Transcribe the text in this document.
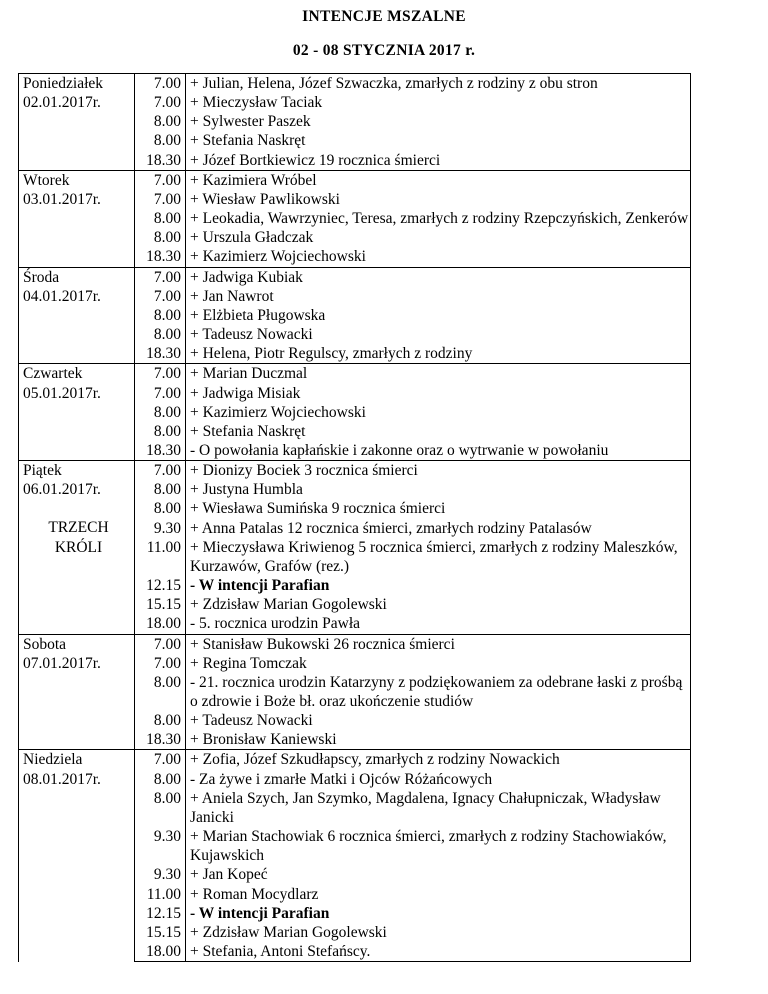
INTENCJE MSZALNE
02 - 08 STYCZNIA 2017 r.
Poniedziałek
02.01.2017r.	7.00	+ Julian, Helena, Józef Szwaczka, zmarłych z rodziny z obu stron
	7.00	+ Mieczysław Taciak
	8.00	+ Sylwester Paszek
	8.00	+ Stefania Naskręt
	18.30	+ Józef Bortkiewicz 19 rocznica śmierci

Wtorek
03.01.2017r.	7.00	+ Kazimiera Wróbel
	7.00	+ Wiesław Pawlikowski
	8.00	+ Leokadia, Wawrzyniec, Teresa, zmarłych z rodziny Rzepczyńskich, Zenkerów
	8.00	+ Urszula Gładczak
	18.30	+ Kazimierz Wojciechowski

Środa
04.01.2017r.	7.00	+ Jadwiga Kubiak
	7.00	+ Jan Nawrot
	8.00	+ Elżbieta Pługowska
	8.00	+ Tadeusz Nowacki
	18.30	+ Helena, Piotr Regulscy, zmarłych z rodziny

Czwartek
05.01.2017r.	7.00	+ Marian Duczmal
	7.00	+ Jadwiga Misiak
	8.00	+ Kazimierz Wojciechowski
	8.00	+ Stefania Naskręt
	18.30	- O powołania kapłańskie i zakonne oraz o wytrwanie w powołaniu

Piątek
06.01.2017r.
TRZECH KRÓLI	7.00	+ Dionizy Bociek 3 rocznica śmierci
	8.00	+ Justyna Humbla
	8.00	+ Wiesława Sumińska 9 rocznica śmierci
	9.30	+ Anna Patalas 12 rocznica śmierci, zmarłych rodziny Patalasów
	11.00	+ Mieczysława Kriwienog 5 rocznica śmierci, zmarłych z rodziny Maleszków, Kurzawów, Grafów (rez.)
	12.15	- W intencji Parafian
	15.15	+ Zdzisław Marian Gogolewski
	18.00	- 5. rocznica urodzin Pawła

Sobota
07.01.2017r.	7.00	+ Stanisław Bukowski 26 rocznica śmierci
	7.00	+ Regina Tomczak
	8.00	- 21. rocznica urodzin Katarzyny z podziękowaniem za odebrane łaski z prośbą o zdrowie i Boże bł. oraz ukończenie studiów
	8.00	+ Tadeusz Nowacki
	18.30	+ Bronisław Kaniewski

Niedziela
08.01.2017r.	7.00	+ Zofia, Józef Szkudłapscy, zmarłych z rodziny Nowackich
	8.00	- Za żywe i zmarłe Matki i Ojców Różańcowych
	8.00	+ Aniela Szych, Jan Szymko, Magdalena, Ignacy Chałupniczak, Władysław Janicki
	9.30	+ Marian Stachowiak 6 rocznica śmierci, zmarłych z rodziny Stachowiaków, Kujawskich
	9.30	+ Jan Kopeć
	11.00	+ Roman Mocydlarz
	12.15	- W intencji Parafian
	15.15	+ Zdzisław Marian Gogolewski
	18.00	+ Stefania, Antoni Stefańscy.
